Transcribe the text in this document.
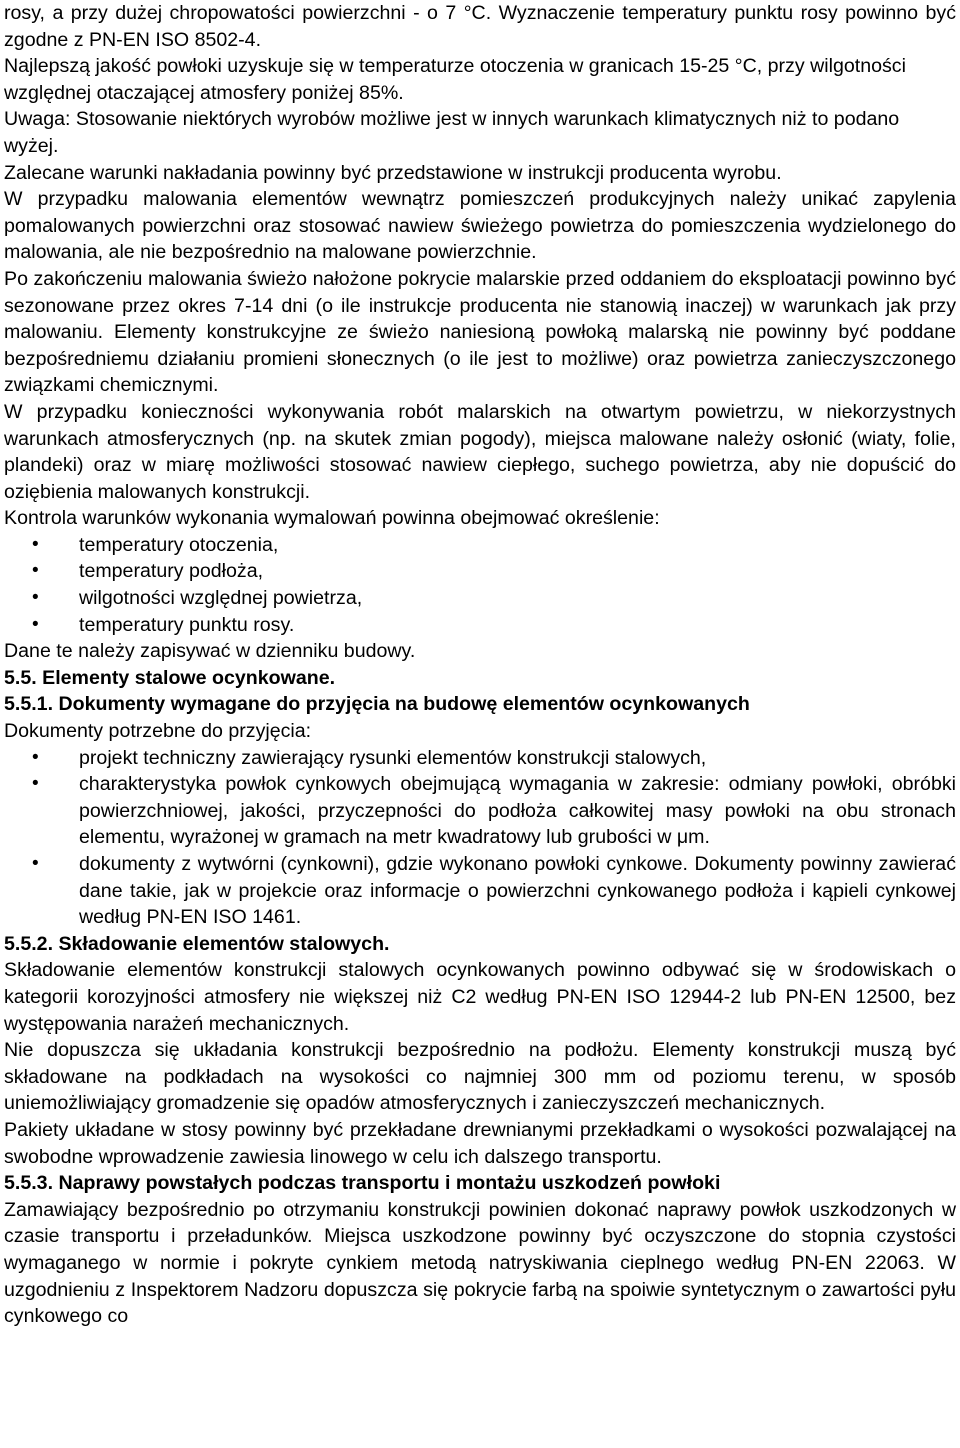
rosy, a przy dużej chropowatości powierzchni - o 7 °C. Wyznaczenie temperatury punktu rosy powinno być zgodne z PN-EN ISO 8502-4.

Najlepszą jakość powłoki uzyskuje się w temperaturze otoczenia w granicach 15-25 °C, przy wilgotności względnej otaczającej atmosfery poniżej 85%.

Uwaga: Stosowanie niektórych wyrobów możliwe jest w innych warunkach klimatycznych niż to podano wyżej.

Zalecane warunki nakładania powinny być przedstawione w instrukcji producenta wyrobu.

W przypadku malowania elementów wewnątrz pomieszczeń produkcyjnych należy unikać zapylenia pomalowanych powierzchni oraz stosować nawiew świeżego powietrza do pomieszczenia wydzielonego do malowania, ale nie bezpośrednio na malowane powierzchnie.

Po zakończeniu malowania świeżo nałożone pokrycie malarskie przed oddaniem do eksploatacji powinno być sezonowane przez okres 7-14 dni (o ile instrukcje producenta nie stanowią inaczej) w warunkach jak przy malowaniu. Elementy konstrukcyjne ze świeżo naniesioną powłoką malarską nie powinny być poddane bezpośredniemu działaniu promieni słonecznych (o ile jest to możliwe) oraz powietrza zanieczyszczonego związkami chemicznymi.

W przypadku konieczności wykonywania robót malarskich na otwartym powietrzu, w niekorzystnych warunkach atmosferycznych (np. na skutek zmian pogody), miejsca malowane należy osłonić (wiaty, folie, plandeki) oraz w miarę możliwości stosować nawiew ciepłego, suchego powietrza, aby nie dopuścić do oziębienia malowanych konstrukcji.

Kontrola warunków wykonania wymalowań powinna obejmować określenie:

• temperatury otoczenia,
• temperatury podłoża,
• wilgotności względnej powietrza,
• temperatury punktu rosy.

Dane te należy zapisywać w dzienniku budowy.

5.5. Elementy stalowe ocynkowane.
5.5.1. Dokumenty wymagane do przyjęcia na budowę elementów ocynkowanych

Dokumenty potrzebne do przyjęcia:

• projekt techniczny zawierający rysunki elementów konstrukcji stalowych,
• charakterystyka powłok cynkowych obejmującą wymagania w zakresie: odmiany powłoki, obróbki powierzchniowej, jakości, przyczepności do podłoża całkowitej masy powłoki na obu stronach elementu, wyrażonej w gramach na metr kwadratowy lub grubości w μm.
• dokumenty z wytwórni (cynkowni), gdzie wykonano powłoki cynkowe. Dokumenty powinny zawierać dane takie, jak w projekcie oraz informacje o powierzchni cynkowanego podłoża i kąpieli cynkowej według PN-EN ISO 1461.
5.5.2. Składowanie elementów stalowych.

Składowanie elementów konstrukcji stalowych ocynkowanych powinno odbywać się w środowiskach o kategorii korozyjności atmosfery nie większej niż C2 według PN-EN ISO 12944-2 lub PN-EN 12500, bez występowania narażeń mechanicznych.

Nie dopuszcza się układania konstrukcji bezpośrednio na podłożu. Elementy konstrukcji muszą być składowane na podkładach na wysokości co najmniej 300 mm od poziomu terenu, w sposób uniemożliwiający gromadzenie się opadów atmosferycznych i zanieczyszczeń mechanicznych.

Pakiety układane w stosy powinny być przekładane drewnianymi przekładkami o wysokości pozwalającej na swobodne wprowadzenie zawiesia linowego w celu ich dalszego transportu.

5.5.3. Naprawy powstałych podczas transportu i montażu uszkodzeń powłoki

Zamawiający bezpośrednio po otrzymaniu konstrukcji powinien dokonać naprawy powłok uszkodzonych w czasie transportu i przeładunków. Miejsca uszkodzone powinny być oczyszczone do stopnia czystości wymaganego w normie i pokryte cynkiem metodą natryskiwania cieplnego według PN-EN 22063. W uzgodnieniu z Inspektorem Nadzoru dopuszcza się pokrycie farbą na spoiwie syntetycznym o zawartości pyłu cynkowego co
